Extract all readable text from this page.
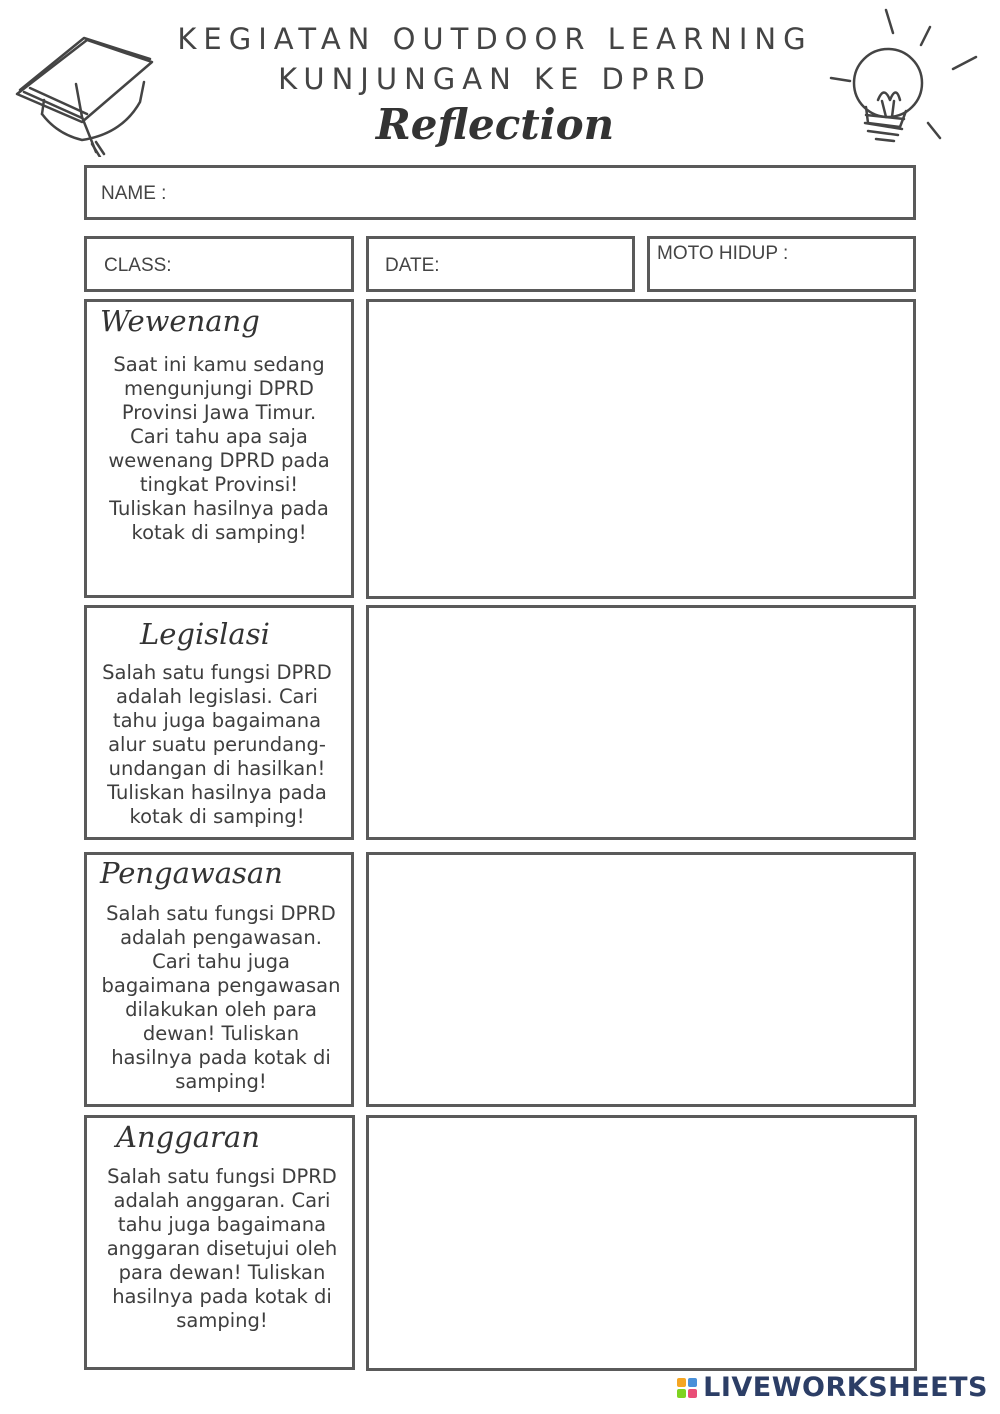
KEGIATAN OUTDOOR LEARNING
KUNJUNGAN KE DPRD
Reflection
NAME :
CLASS:	DATE:
MOTO HIDUP :
Wewenang
Saat ini kamu sedang
mengunjungi DPRD
Provinsi Jawa Timur.
Cari tahu apa saja
wewenang DPRD pada
tingkat Provinsi!
Tuliskan hasilnya pada
kotak di samping!
Legislasi
Salah satu fungsi DPRD
adalah legislasi. Cari
tahu juga bagaimana
alur suatu perundang-
undangan di hasilkan!
Tuliskan hasilnya pada
kotak di samping!
Pengawasan
Salah satu fungsi DPRD
adalah pengawasan.
Cari tahu juga
bagaimana pengawasan
dilakukan oleh para
dewan! Tuliskan
hasilnya pada kotak di
samping!
Anggaran
Salah satu fungsi DPRD
adalah anggaran. Cari
tahu juga bagaimana
anggaran disetujui oleh
para dewan! Tuliskan
hasilnya pada kotak di
samping!
LIVEWORKSHEETS
